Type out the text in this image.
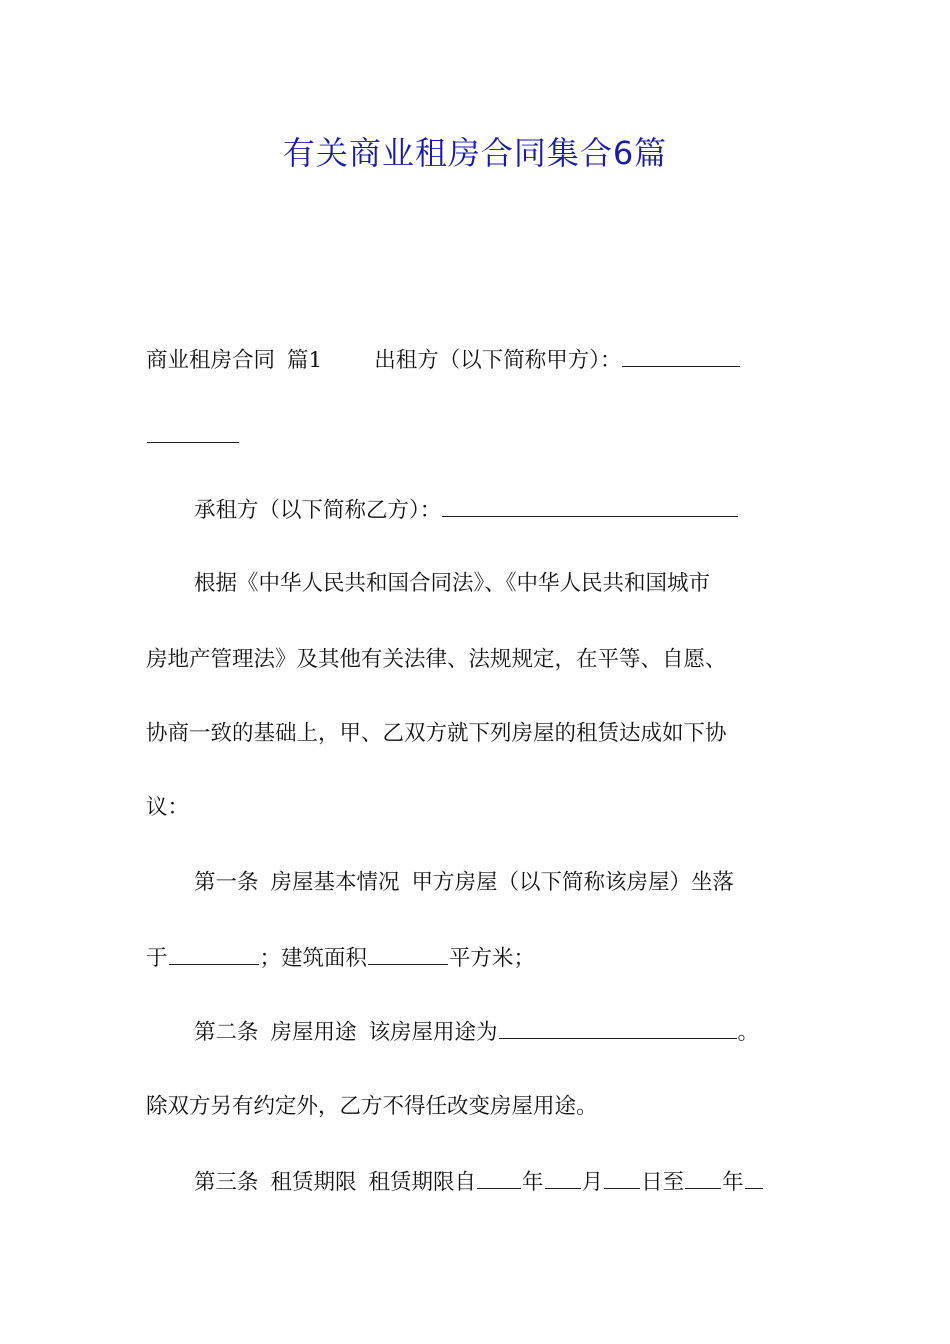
有关商业租房合同集合6篇
商业租房合同 篇1 出租方（以下简称甲方）：
承租方（以下简称乙方）：
根据《中华人民共和国合同法》、《中华人民共和国城市
房地产管理法》及其他有关法律、法规规定，在平等、自愿、
协商一致的基础上，甲、乙双方就下列房屋的租赁达成如下协
议：
第一条 房屋基本情况 甲方房屋（以下简称该房屋）坐落
于	；建筑面积	平方米；
第二条 房屋用途 该房屋用途为	。
除双方另有约定外，乙方不得任改变房屋用途。
第三条 租赁期限 租赁期限自 年 月 日至 年
